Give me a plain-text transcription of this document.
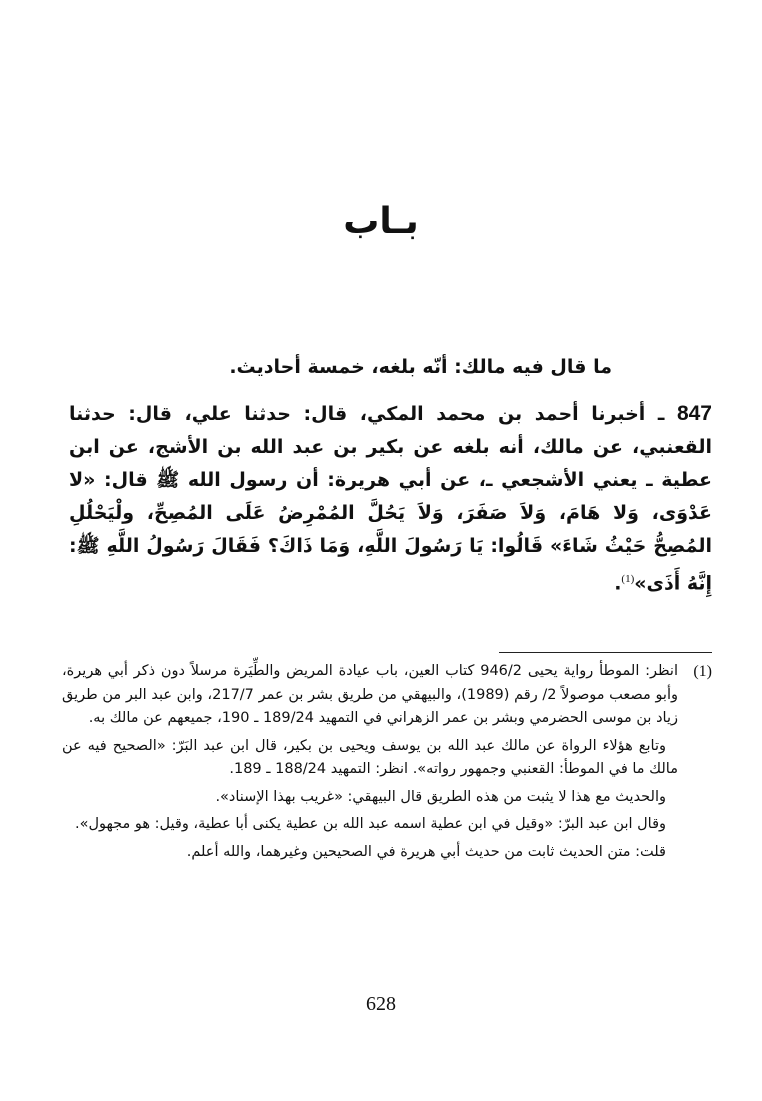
بـاب
ما قال فيه مالك: أنّه بلغه، خمسة أحاديث.
847 ـ أخبرنا أحمد بن محمد المكي، قال: حدثنا علي، قال: حدثنا القعنبي، عن مالك، أنه بلغه عن بكير بن عبد الله بن الأشج، عن ابن عطية ـ يعني الأشجعي ـ، عن أبي هريرة: أن رسول الله ﷺ قال: «لا عَدْوَى، وَلا هَامَ، وَلاَ صَفَرَ، وَلاَ يَحُلَّ المُمْرِضُ عَلَى المُصِحِّ، ولْيَحْلُلِ المُصِحُّ حَيْثُ شَاءَ» قَالُوا: يَا رَسُولَ اللَّهِ، وَمَا ذَاكَ؟ فَقَالَ رَسُولُ اللَّهِ ﷺ: إِنَّهُ أَذَى»$^{(1)}$.
(1)

انظر: الموطأ رواية يحيى 946/2 كتاب العين، باب عيادة المريض والطِّيَرة مرسلاً دون ذكر أبي هريرة، وأبو مصعب موصولاً 2/ رقم (1989)، والبيهقي من طريق بشر بن عمر 217/7، وابن عبد البر من طريق زياد بن موسى الحضرمي وبشر بن عمر الزهراني في التمهيد 189/24 ـ 190، جميعهم عن مالك به.

وتابع هؤلاء الرواة عن مالك عبد الله بن يوسف ويحيى بن بكير، قال ابن عبد البَرّ: «الصحيح فيه عن مالك ما في الموطأ: القعنبي وجمهور رواته». انظر: التمهيد 188/24 ـ 189.

والحديث مع هذا لا يثبت من هذه الطريق قال البيهقي: «غريب بهذا الإسناد».

وقال ابن عبد البرّ: «وقيل في ابن عطية اسمه عبد الله بن عطية يكنى أبا عطية، وقيل: هو مجهول».

قلت: متن الحديث ثابت من حديث أبي هريرة في الصحيحين وغيرهما، والله أعلم.

628
